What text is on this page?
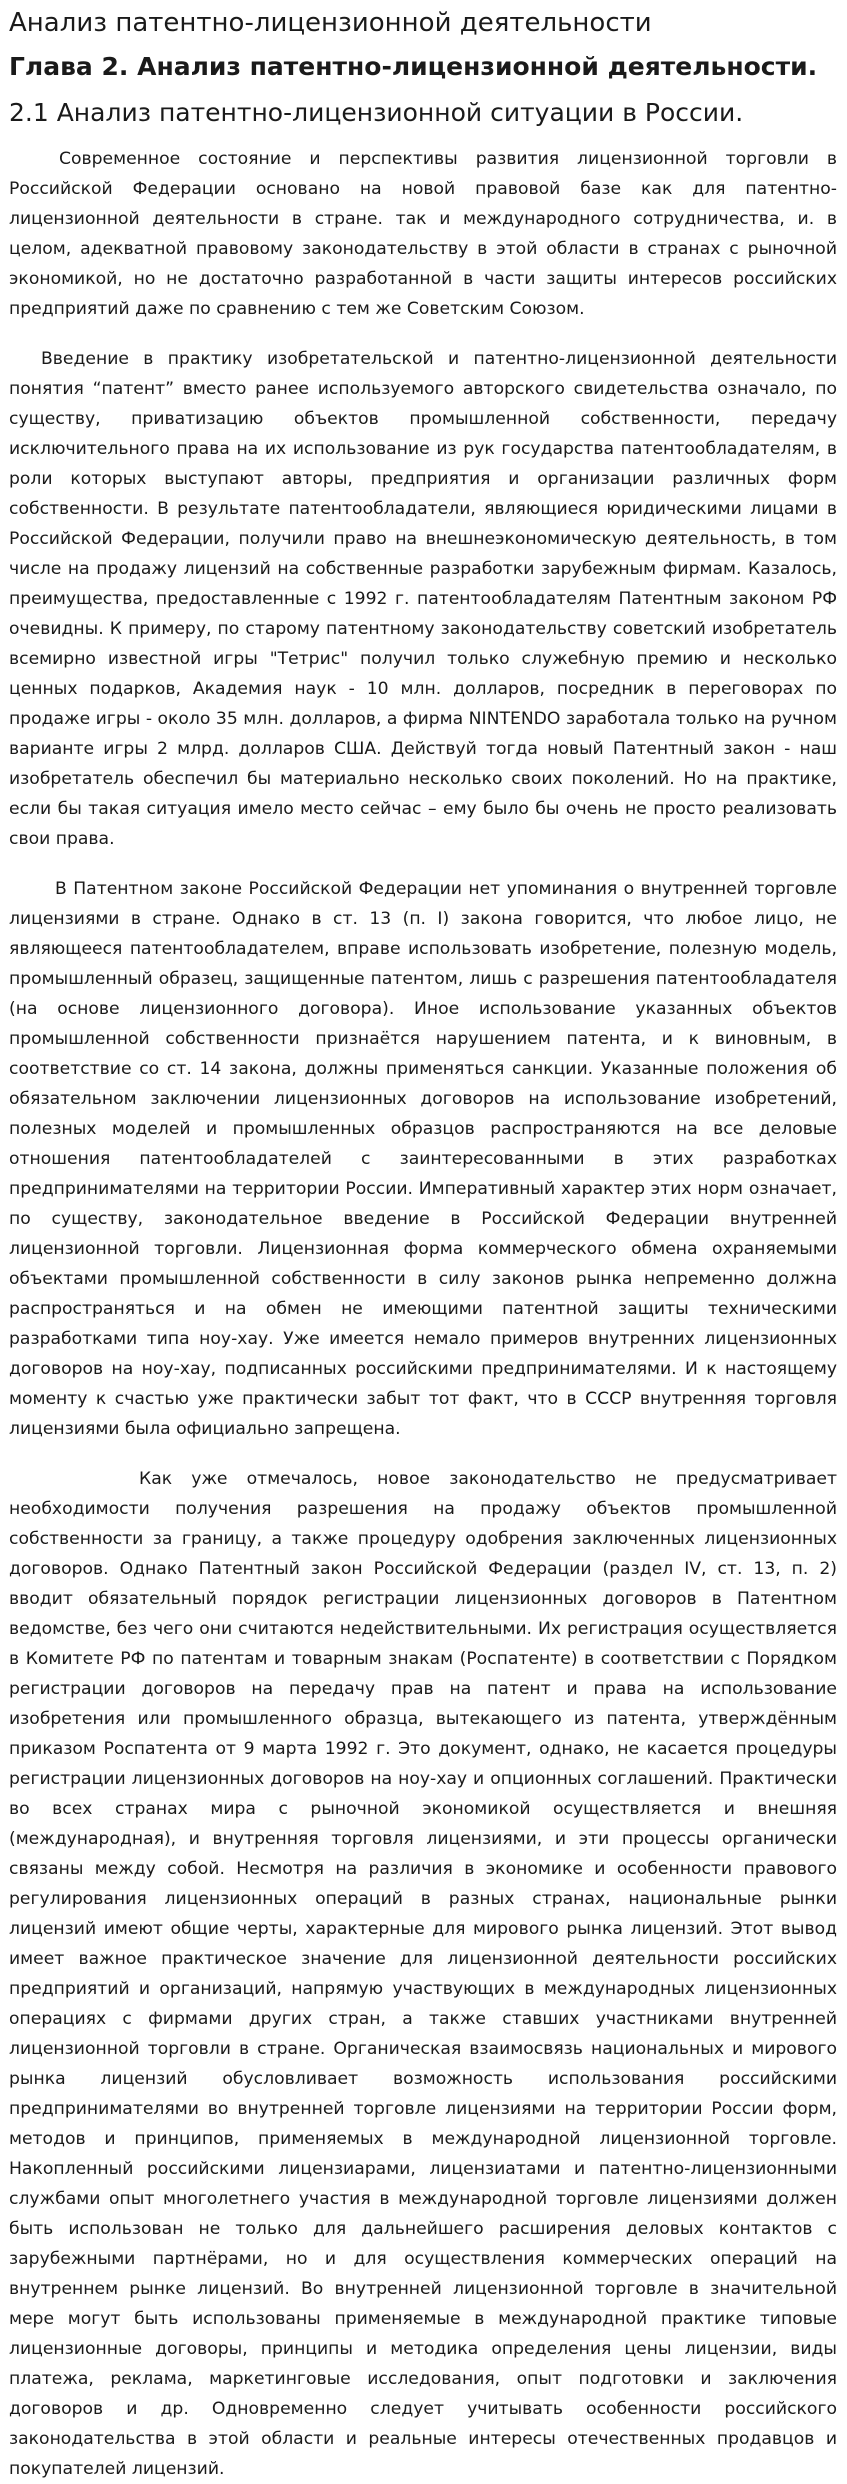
Анализ патентно-лицензионной деятельности
Глава 2. Анализ патентно-лицензионной деятельности.
2.1 Анализ патентно-лицензионной ситуации в России.

Современное состояние и перспективы развития лицензионной торговли в Российской Федерации основано на новой правовой базе как для патентно-лицензионной деятельности в стране. так и международного сотрудничества, и. в целом, адекватной правовому законодательству в этой области в странах с рыночной экономикой, но не достаточно разработанной в части защиты интересов российских предприятий даже по сравнению с тем же Советским Союзом.

Введение в практику изобретательской и патентно-лицензионной деятельности понятия “патент” вместо ранее используемого авторского свидетельства означало, по существу, приватизацию объектов промышленной собственности, передачу исключительного права на их использование из рук государства патентообладателям, в роли которых выступают авторы, предприятия и организации различных форм собственности. В результате патентообладатели, являющиеся юридическими лицами в Российской Федерации, получили право на внешнеэкономическую деятельность, в том числе на продажу лицензий на собственные разработки зарубежным фирмам. Казалось, преимущества, предоставленные с 1992 г. патентообладателям Патентным законом РФ очевидны. К примеру, по старому патентному законодательству советский изобретатель всемирно известной игры "Тетрис" получил только служебную премию и несколько ценных подарков, Академия наук - 10 млн. долларов, посредник в переговорах по продаже игры - около 35 млн. долларов, а фирма NINTENDO заработала только на ручном варианте игры 2 млрд. долларов США. Действуй тогда новый Патентный закон - наш изобретатель обеспечил бы материально несколько своих поколений. Но на практике, если бы такая ситуация имело место сейчас – ему было бы очень не просто реализовать свои права.

В Патентном законе Российской Федерации нет упоминания о внутренней торговле лицензиями в стране. Однако в ст. 13 (п. I) закона говорится, что любое лицо, не являющееся патентообладателем, вправе использовать изобретение, полезную модель, промышленный образец, защищенные патентом, лишь с разрешения патентообладателя (на основе лицензионного договора). Иное использование указанных объектов промышленной собственности признаётся нарушением патента, и к виновным, в соответствие со ст. 14 закона, должны применяться санкции. Указанные положения об обязательном заключении лицензионных договоров на использование изобретений, полезных моделей и промышленных образцов распространяются на все деловые отношения патентообладателей с заинтересованными в этих разработках предпринимателями на территории России. Императивный характер этих норм означает, по существу, законодательное введение в Российской Федерации внутренней лицензионной торговли. Лицензионная форма коммерческого обмена охраняемыми объектами промышленной собственности в силу законов рынка непременно должна распространяться и на обмен не имеющими патентной защиты техническими разработками типа ноу-хау. Уже имеется немало примеров внутренних лицензионных договоров на ноу-хау, подписанных российскими предпринимателями. И к настоящему моменту к счастью уже практически забыт тот факт, что в СССР внутренняя торговля лицензиями была официально запрещена.

Как уже отмечалось, новое законодательство не предусматривает необходимости получения разрешения на продажу объектов промышленной собственности за границу, а также процедуру одобрения заключенных лицензионных договоров. Однако Патентный закон Российской Федерации (раздел IV, ст. 13, п. 2) вводит обязательный порядок регистрации лицензионных договоров в Патентном ведомстве, без чего они считаются недействительными. Их регистрация осуществляется в Комитете РФ по патентам и товарным знакам (Роспатенте) в соответствии с Порядком регистрации договоров на передачу прав на патент и права на использование изобретения или промышленного образца, вытекающего из патента, утверждённым приказом Роспатента от 9 марта 1992 г. Это документ, однако, не касается процедуры регистрации лицензионных договоров на ноу-хау и опционных соглашений. Практически во всех странах мира с рыночной экономикой осуществляется и внешняя (международная), и внутренняя торговля лицензиями, и эти процессы органически связаны между собой. Несмотря на различия в экономике и особенности правового регулирования лицензионных операций в разных странах, национальные рынки лицензий имеют общие черты, характерные для мирового рынка лицензий. Этот вывод имеет важное практическое значение для лицензионной деятельности российских предприятий и организаций, напрямую участвующих в международных лицензионных операциях с фирмами других стран, а также ставших участниками внутренней лицензионной торговли в стране. Органическая взаимосвязь национальных и мирового рынка лицензий обусловливает возможность использования российскими предпринимателями во внутренней торговле лицензиями на территории России форм, методов и принципов, применяемых в международной лицензионной торговле. Накопленный российскими лицензиарами, лицензиатами и патентно-лицензионными службами опыт многолетнего участия в международной торговле лицензиями должен быть использован не только для дальнейшего расширения деловых контактов с зарубежными партнёрами, но и для осуществления коммерческих операций на внутреннем рынке лицензий. Во внутренней лицензионной торговле в значительной мере могут быть использованы применяемые в международной практике типовые лицензионные договоры, принципы и методика определения цены лицензии, виды платежа, реклама, маркетинговые исследования, опыт подготовки и заключения договоров и др. Одновременно следует учитывать особенности российского законодательства в этой области и реальные интересы отечественных продавцов и покупателей лицензий.
